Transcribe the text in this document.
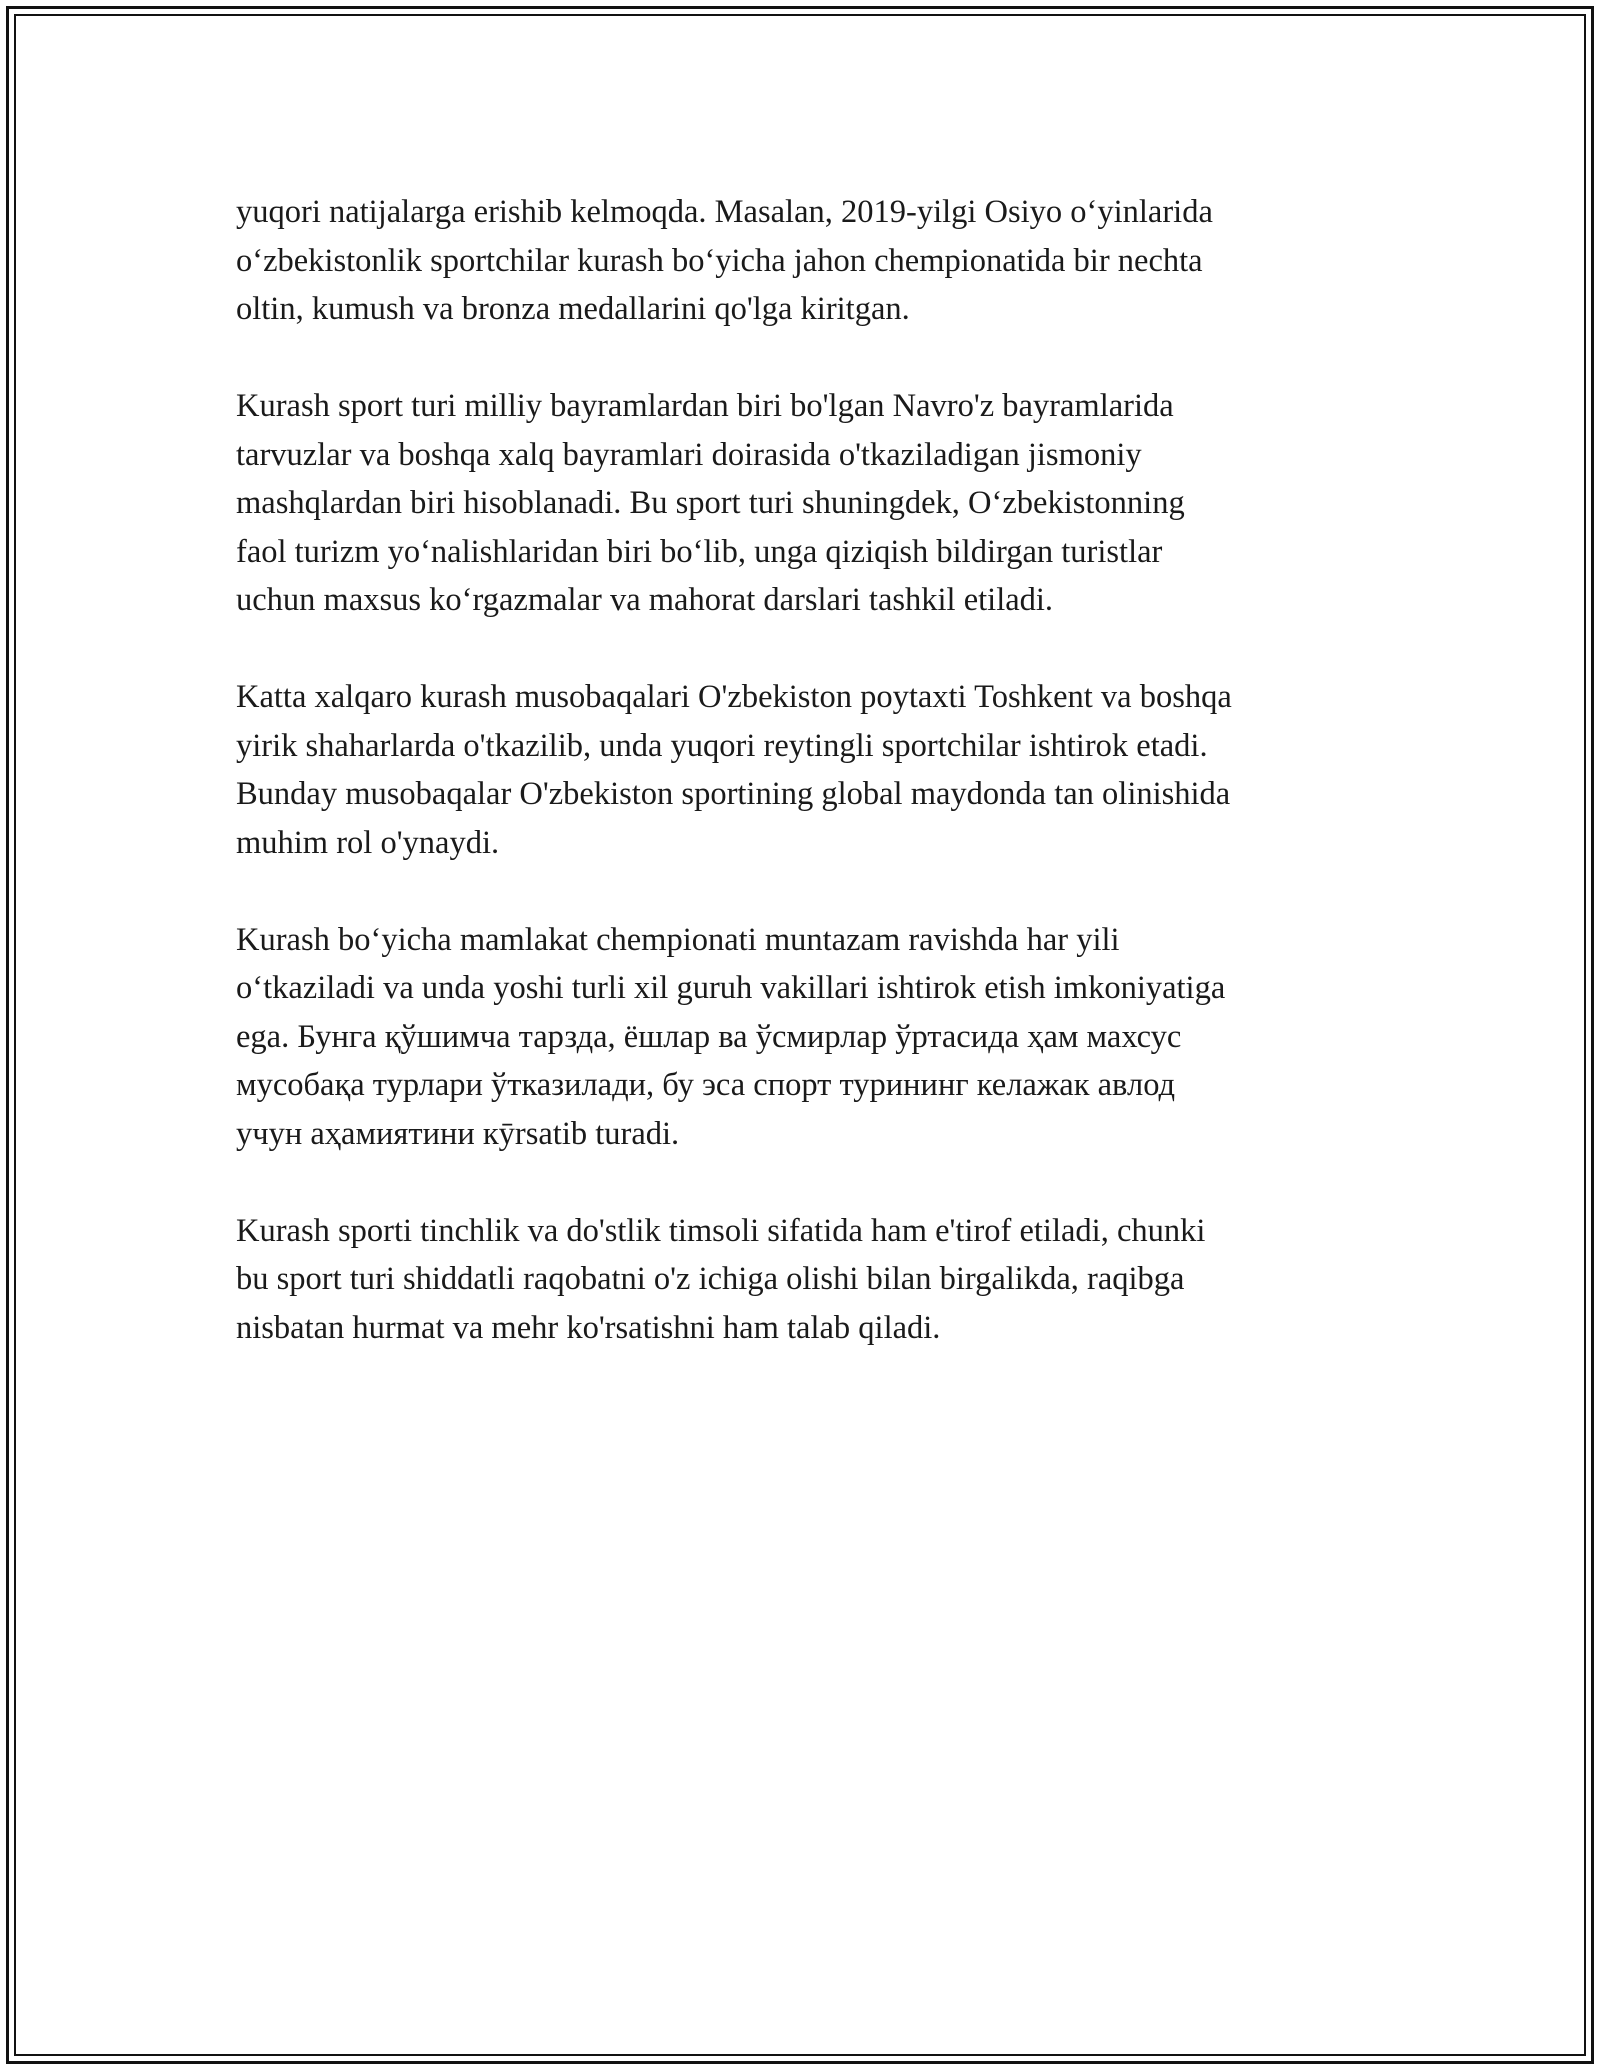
yuqori natijalarga erishib kelmoqda. Masalan, 2019-yilgi Osiyo o‘yinlarida
o‘zbekistonlik sportchilar kurash bo‘yicha jahon chempionatida bir nechta
oltin, kumush va bronza medallarini qo'lga kiritgan.

Kurash sport turi milliy bayramlardan biri bo'lgan Navro'z bayramlarida
tarvuzlar va boshqa xalq bayramlari doirasida o'tkaziladigan jismoniy
mashqlardan biri hisoblanadi. Bu sport turi shuningdek, O‘zbekistonning
faol turizm yo‘nalishlaridan biri bo‘lib, unga qiziqish bildirgan turistlar
uchun maxsus ko‘rgazmalar va mahorat darslari tashkil etiladi.

Katta xalqaro kurash musobaqalari O'zbekiston poytaxti Toshkent va boshqa
yirik shaharlarda o'tkazilib, unda yuqori reytingli sportchilar ishtirok etadi.
Bunday musobaqalar O'zbekiston sportining global maydonda tan olinishida
muhim rol o'ynaydi.

Kurash bo‘yicha mamlakat chempionati muntazam ravishda har yili
o‘tkaziladi va unda yoshi turli xil guruh vakillari ishtirok etish imkoniyatiga
ega. Бунга қўшимча тарзда, ёшлар ва ўсмирлар ўртасида ҳам махсус
мусобақа турлари ўтказилади, бу эса спорт турининг келажак авлод
учун аҳамиятини кӯrsatib turadi.

Kurash sporti tinchlik va do'stlik timsoli sifatida ham e'tirof etiladi, chunki
bu sport turi shiddatli raqobatni o'z ichiga olishi bilan birgalikda, raqibga
nisbatan hurmat va mehr ko'rsatishni ham talab qiladi.
